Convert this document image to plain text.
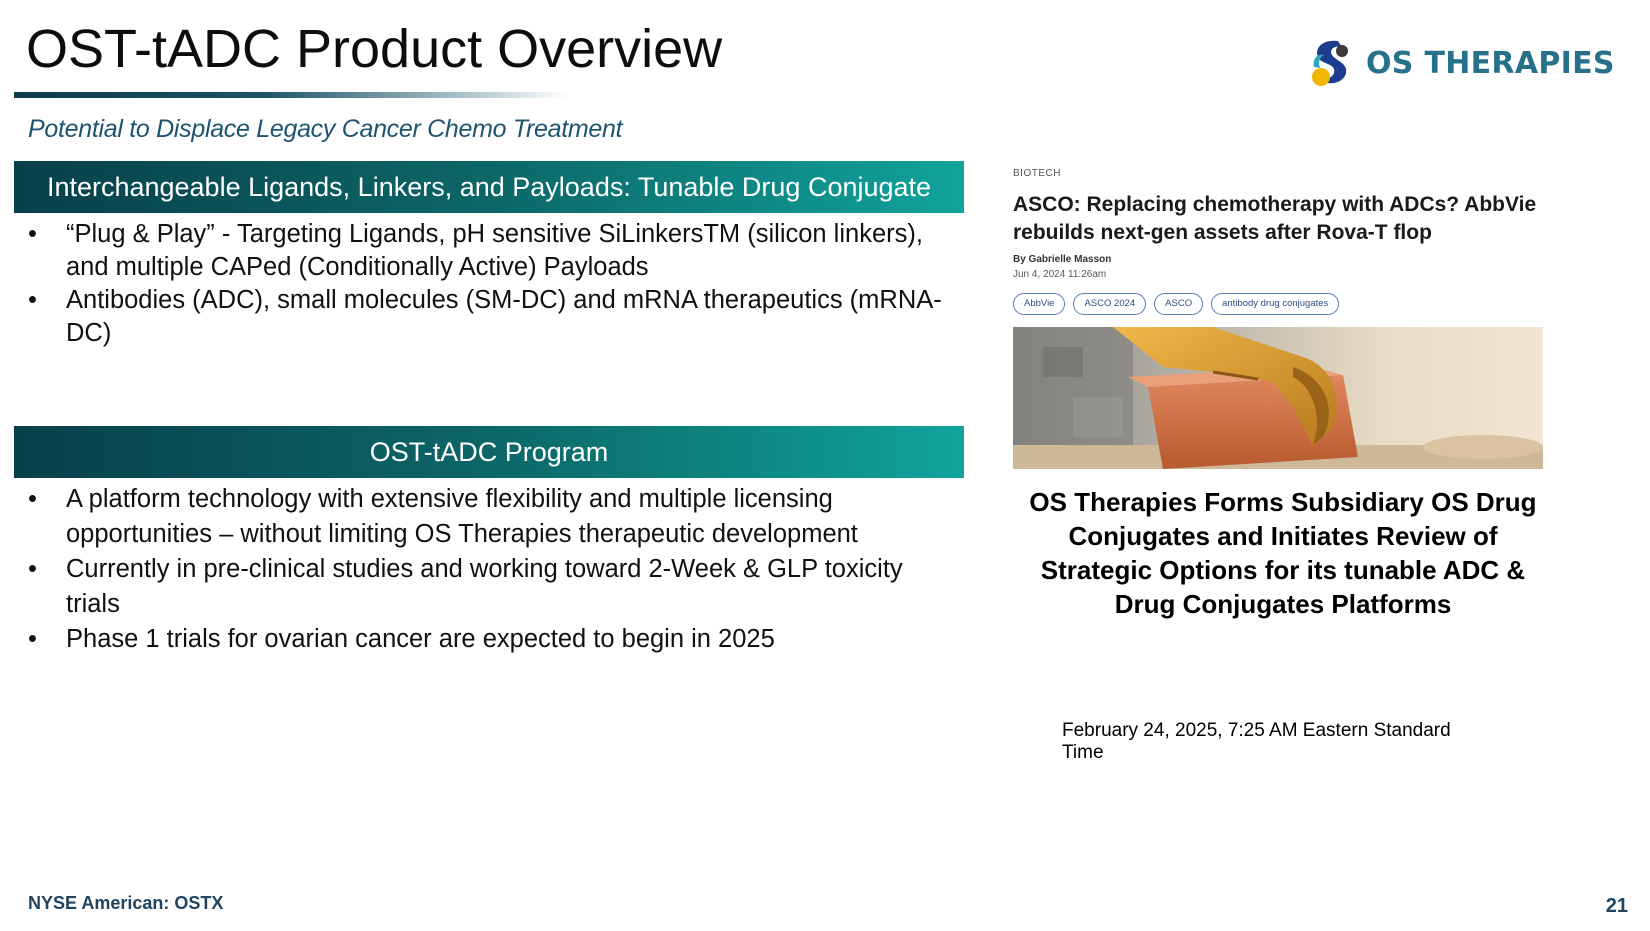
OST-tADC Product Overview
Potential to Displace Legacy Cancer Chemo Treatment
OS THERAPIES
Interchangeable Ligands, Linkers, and Payloads: Tunable Drug Conjugate
• “Plug & Play” - Targeting Ligands, pH sensitive SiLinkersTM (silicon linkers), and multiple CAPed (Conditionally Active) Payloads
• Antibodies (ADC), small molecules (SM-DC) and mRNA therapeutics (mRNA-DC)
OST-tADC Program
• A platform technology with extensive flexibility and multiple licensing opportunities – without limiting OS Therapies therapeutic development
• Currently in pre-clinical studies and working toward 2-Week & GLP toxicity trials
• Phase 1 trials for ovarian cancer are expected to begin in 2025
BIOTECH
ASCO: Replacing chemotherapy with ADCs? AbbVie rebuilds next-gen assets after Rova-T flop
By Gabrielle Masson
Jun 4, 2024 11:26am
AbbVie	ASCO 2024	ASCO	antibody drug conjugates
OS Therapies Forms Subsidiary OS Drug Conjugates and Initiates Review of Strategic Options for its tunable ADC & Drug Conjugates Platforms
February 24, 2025, 7:25 AM Eastern Standard Time
NYSE American: OSTX	21
